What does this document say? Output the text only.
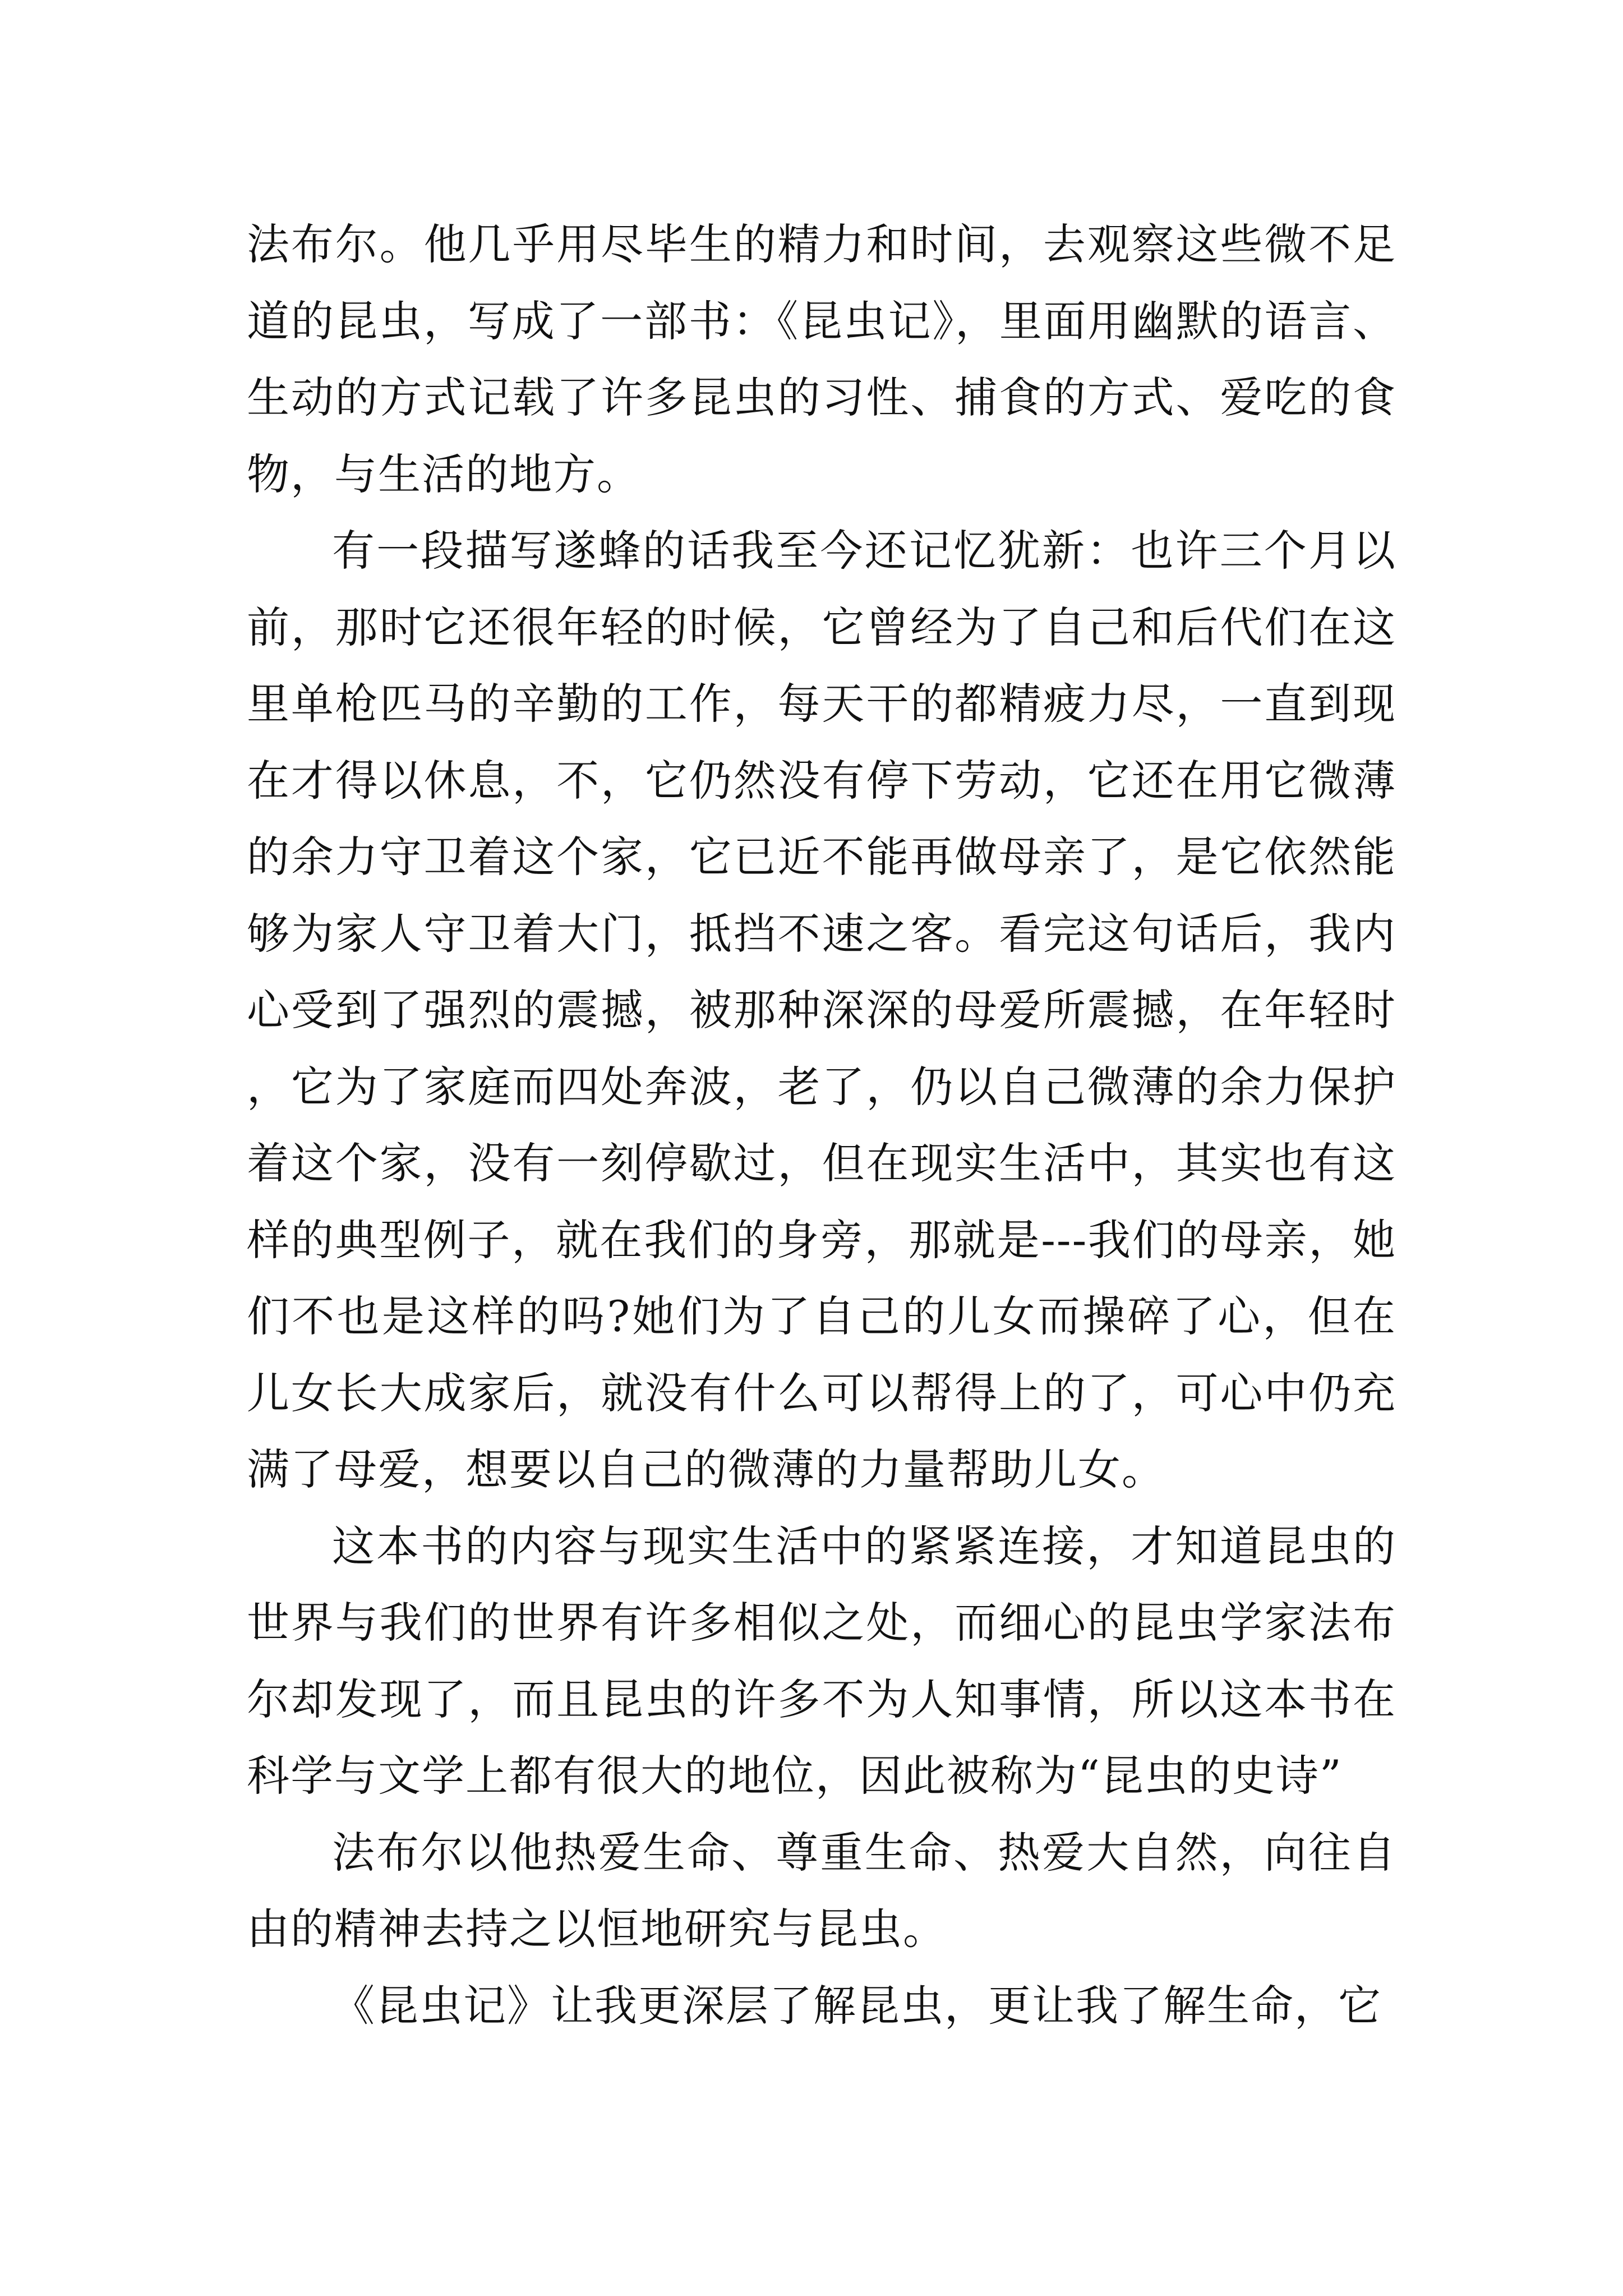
法布尔。他几乎用尽毕生的精力和时间，去观察这些微不足道的昆虫，写成了一部书：《昆虫记》，里面用幽默的语言、生动的方式记载了许多昆虫的习性、捕食的方式、爱吃的食物，与生活的地方。

有一段描写遂蜂的话我至今还记忆犹新：也许三个月以前，那时它还很年轻的时候，它曾经为了自己和后代们在这里单枪匹马的辛勤的工作，每天干的都精疲力尽，一直到现在才得以休息，不，它仍然没有停下劳动，它还在用它微薄的余力守卫着这个家，它已近不能再做母亲了，是它依然能够为家人守卫着大门，抵挡不速之客。看完这句话后，我内心受到了强烈的震撼，被那种深深的母爱所震撼，在年轻时，它为了家庭而四处奔波，老了，仍以自己微薄的余力保护着这个家，没有一刻停歇过，但在现实生活中，其实也有这样的典型例子，就在我们的身旁，那就是---我们的母亲，她们不也是这样的吗?她们为了自己的儿女而操碎了心，但在儿女长大成家后，就没有什么可以帮得上的了，可心中仍充满了母爱，想要以自己的微薄的力量帮助儿女。

这本书的内容与现实生活中的紧紧连接，才知道昆虫的世界与我们的世界有许多相似之处，而细心的昆虫学家法布尔却发现了，而且昆虫的许多不为人知事情，所以这本书在科学与文学上都有很大的地位，因此被称为“昆虫的史诗”

法布尔以他热爱生命、尊重生命、热爱大自然，向往自由的精神去持之以恒地研究与昆虫。

《昆虫记》让我更深层了解昆虫，更让我了解生命，它
